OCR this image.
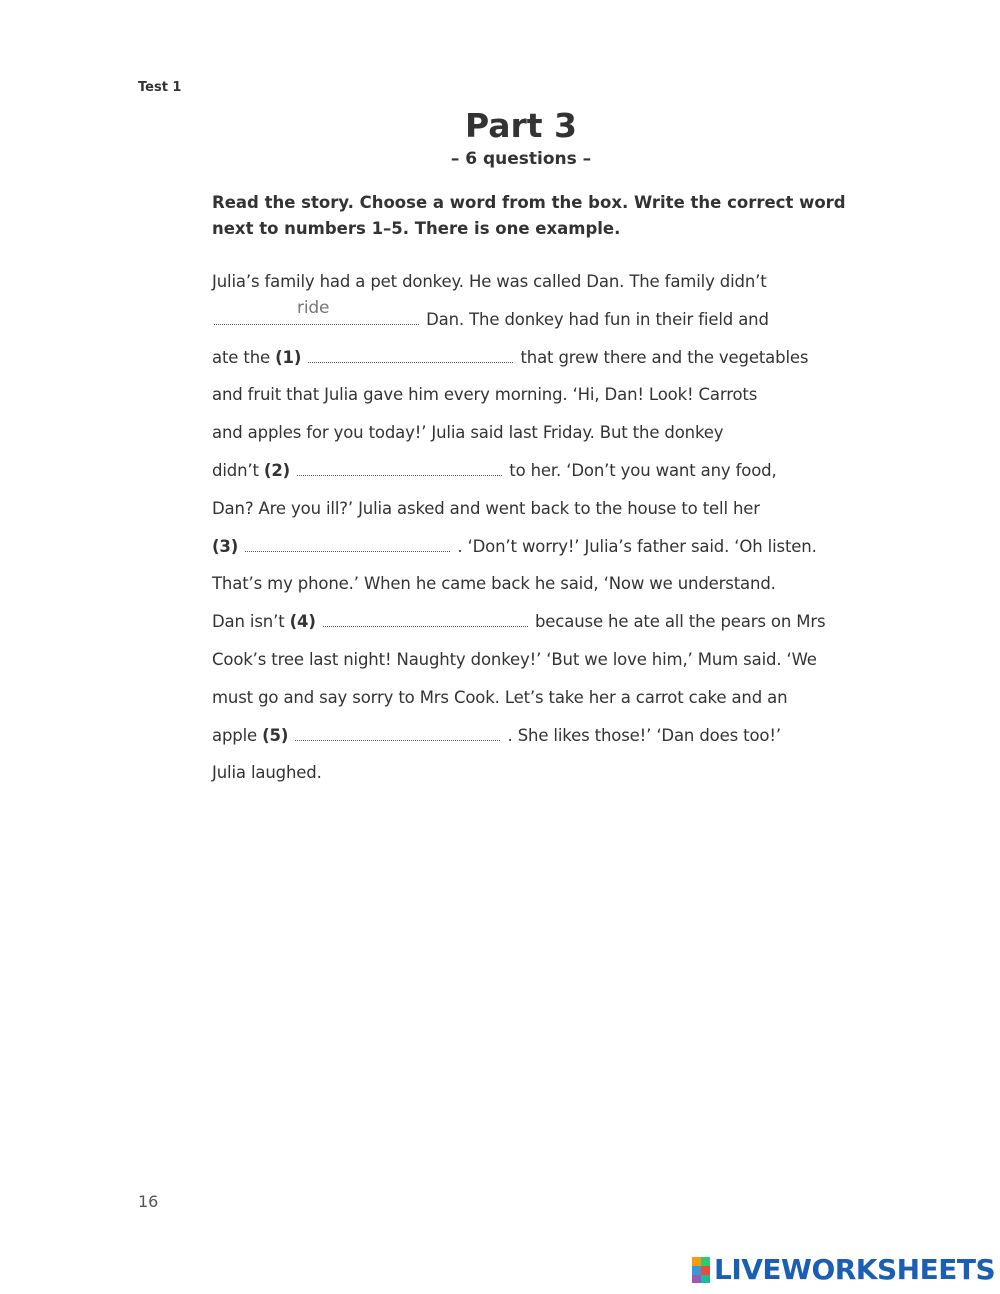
Test 1
Part 3
– 6 questions –

Read the story. Choose a word from the box. Write the correct word next to numbers 1–5. There is one example.

Julia’s family had a pet donkey. He was called Dan. The family didn’t
ride
Dan. The donkey had fun in their field and
ate the (1)	that grew there and the vegetables
and fruit that Julia gave him every morning. ‘Hi, Dan! Look! Carrots
and apples for you today!’ Julia said last Friday. But the donkey
didn’t (2)	to her. ‘Don’t you want any food,
Dan? Are you ill?’ Julia asked and went back to the house to tell her
(3)	. ‘Don’t worry!’ Julia’s father said. ‘Oh listen.
That’s my phone.’ When he came back he said, ‘Now we understand.
Dan isn’t (4)	because he ate all the pears on Mrs
Cook’s tree last night! Naughty donkey!’ ‘But we love him,’ Mum said. ‘We
must go and say sorry to Mrs Cook. Let’s take her a carrot cake and an
apple (5)	. She likes those!’ ‘Dan does too!’
Julia laughed.
16
LIVEWORKSHEETS
